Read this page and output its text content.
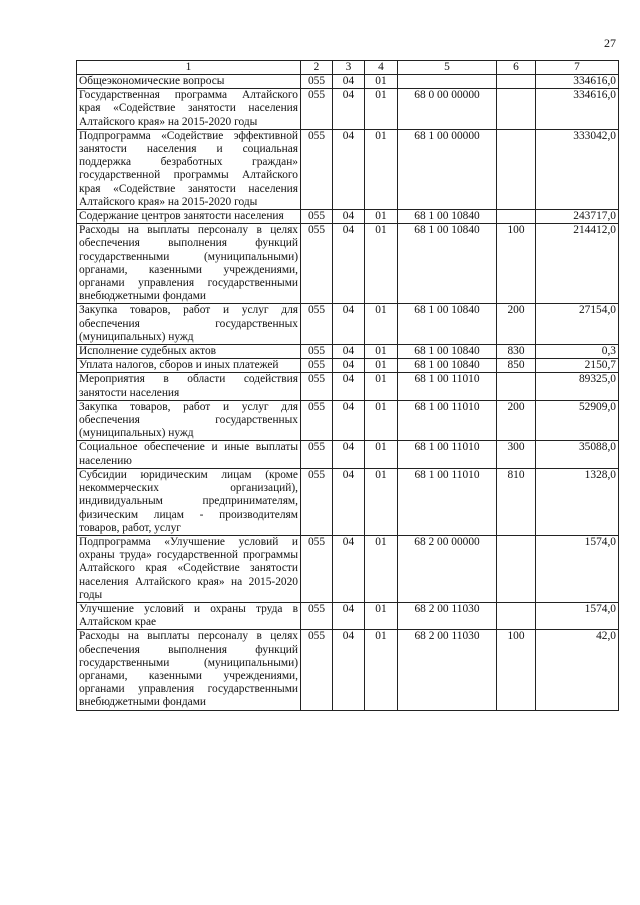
27
1	2	3	4	5	6	7
Общеэкономические вопросы	055	04	01			334616,0
Государственная программа Алтайского края «Содействие занятости населения Алтайского края» на 2015-2020 годы	055	04	01	68 0 00 00000		334616,0
Подпрограмма «Содействие эффективной занятости населения и социальная поддержка безработных граждан» государственной программы Алтайского края «Содействие занятости населения Алтайского края» на 2015-2020 годы	055	04	01	68 1 00 00000		333042,0
Содержание центров занятости населения	055	04	01	68 1 00 10840		243717,0
Расходы на выплаты персоналу в целях обеспечения выполнения функций государственными (муниципальными) органами, казенными учреждениями, органами управления государственными внебюджетными фондами	055	04	01	68 1 00 10840	100	214412,0
Закупка товаров, работ и услуг для обеспечения государственных (муниципальных) нужд	055	04	01	68 1 00 10840	200	27154,0
Исполнение судебных актов	055	04	01	68 1 00 10840	830	0,3
Уплата налогов, сборов и иных платежей	055	04	01	68 1 00 10840	850	2150,7
Мероприятия в области содействия занятости населения	055	04	01	68 1 00 11010		89325,0
Закупка товаров, работ и услуг для обеспечения государственных (муниципальных) нужд	055	04	01	68 1 00 11010	200	52909,0
Социальное обеспечение и иные выплаты населению	055	04	01	68 1 00 11010	300	35088,0
Субсидии юридическим лицам (кроме некоммерческих организаций), индивидуальным предпринимателям, физическим лицам - производителям товаров, работ, услуг	055	04	01	68 1 00 11010	810	1328,0
Подпрограмма «Улучшение условий и охраны труда» государственной программы Алтайского края «Содействие занятости населения Алтайского края» на 2015-2020 годы	055	04	01	68 2 00 00000		1574,0
Улучшение условий и охраны труда в Алтайском крае	055	04	01	68 2 00 11030		1574,0
Расходы на выплаты персоналу в целях обеспечения выполнения функций государственными (муниципальными) органами, казенными учреждениями, органами управления государственными внебюджетными фондами	055	04	01	68 2 00 11030	100	42,0
